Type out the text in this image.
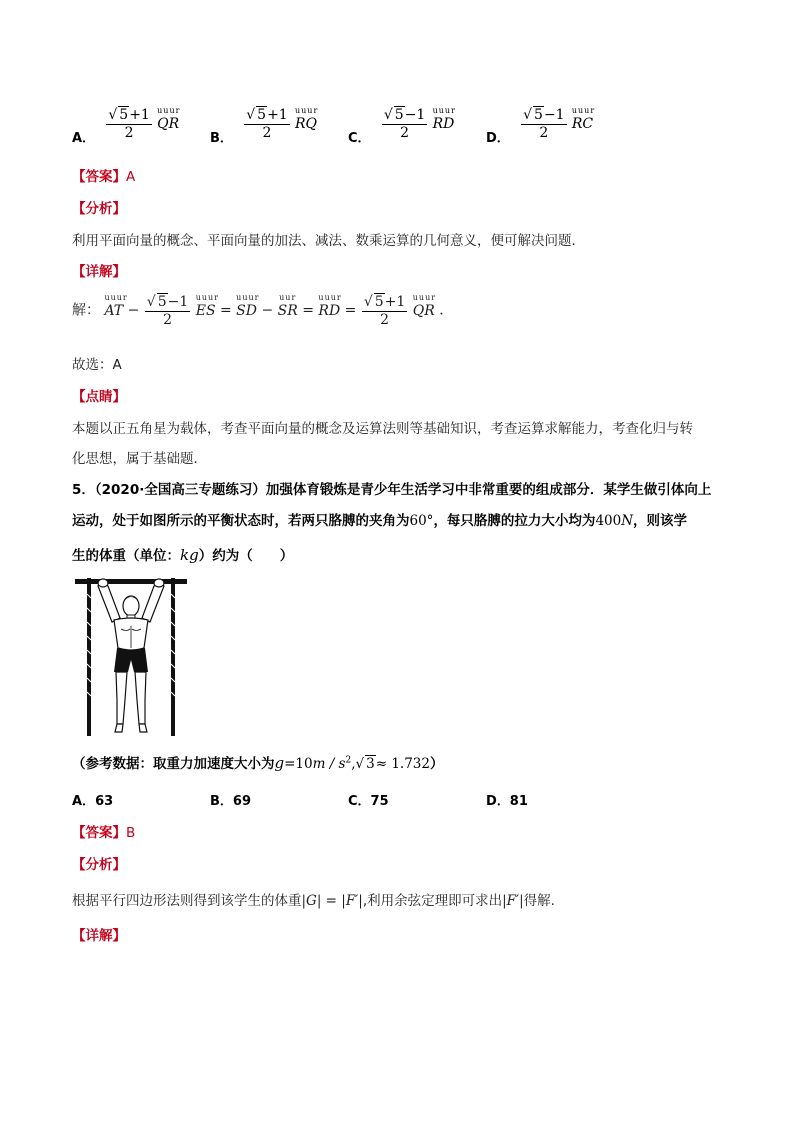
A． $\frac{√ 5+1}{2}$
uuur
QR
B． $\frac{√ 5+1}{2}$
uuur
RQ
C． $\frac{√ 5-1}{2}$
uuur
RD
D． $\frac{√ 5-1}{2}$
uuur
RC
【答案】A
【分析】
利用平面向量的概念、平面向量的加法、减法、数乘运算的几何意义，便可解决问题．
【详解】
解：
uuur
AT − $\frac{√ 5-1}{2}$
uuur
ES =
uuur
SD −
uur
SR =
uuur
RD = $\frac{√ 5+1}{2}$
uuur
QR ．
故选：A
【点睛】
本题以正五角星为载体，考查平面向量的概念及运算法则等基础知识，考查运算求解能力，考查化归与转
化思想，属于基础题．
5．（2020·全国高三专题练习）加强体育锻炼是青少年生活学习中非常重要的组成部分．某学生做引体向上
运动，处于如图所示的平衡状态时，若两只胳膊的夹角为60°，每只胳膊的拉力大小均为400N，则该学
生的体重（单位：kg）约为（　　）
（参考数据：取重力加速度大小为$g=10m / s^2,√$ 3≈ 1.732）
A．63	B．69	C．75	D．81
【答案】B
【分析】
根据平行四边形法则得到该学生的体重|G| = |F′|,利用余弦定理即可求出|F′|得解.
【详解】
